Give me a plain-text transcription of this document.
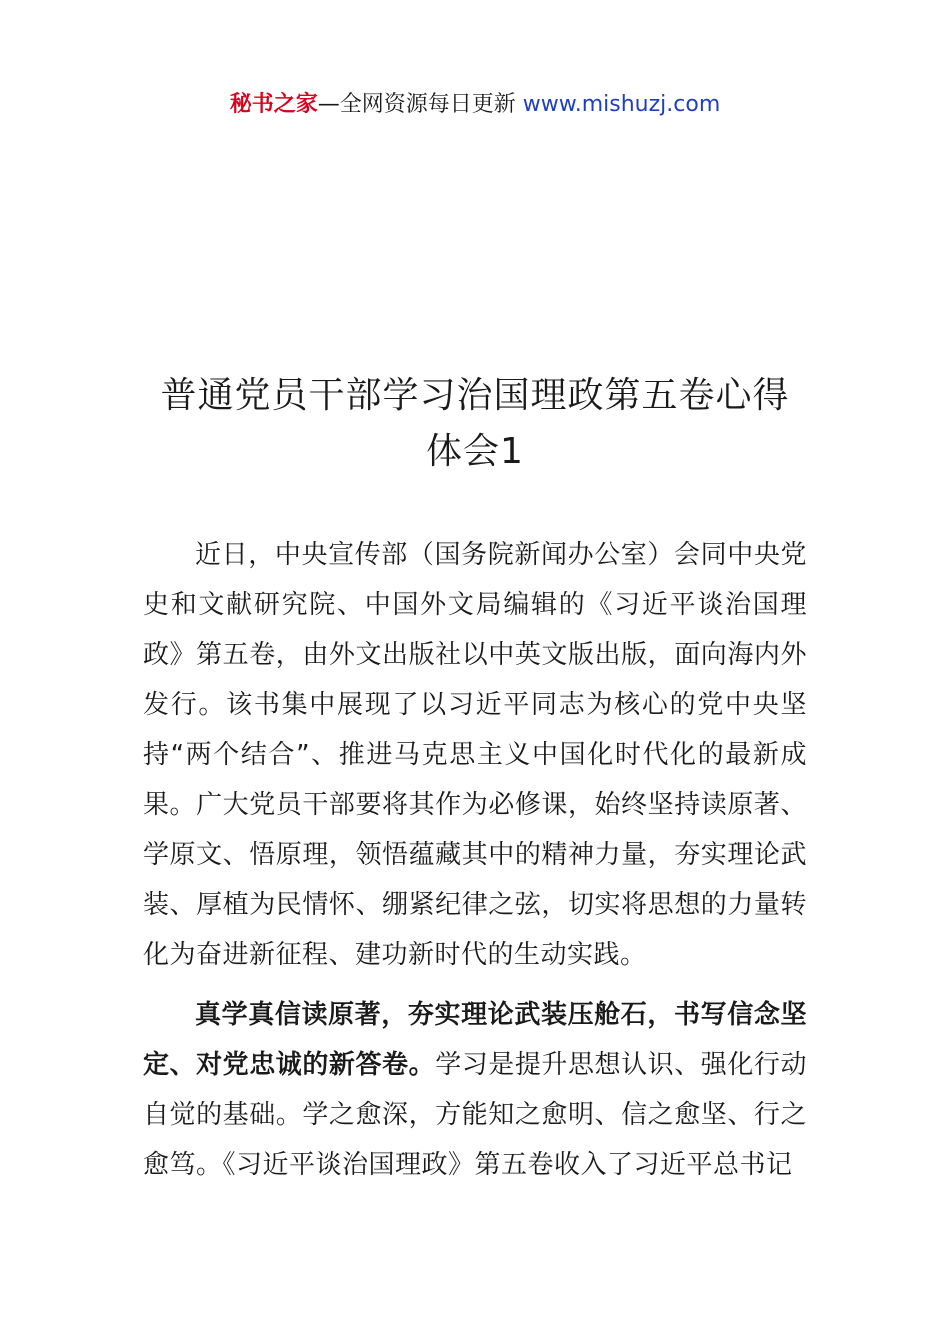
秘书之家—全网资源每日更新 www.mishuzj.com
普通党员干部学习治国理政第五卷心得体会1

近日，中央宣传部（国务院新闻办公室）会同中央党史和文献研究院、中国外文局编辑的《习近平谈治国理政》第五卷，由外文出版社以中英文版出版，面向海内外发行。该书集中展现了以习近平同志为核心的党中央坚持“两个结合”、推进马克思主义中国化时代化的最新成果。广大党员干部要将其作为必修课，始终坚持读原著、学原文、悟原理，领悟蕴藏其中的精神力量，夯实理论武装、厚植为民情怀、绷紧纪律之弦，切实将思想的力量转化为奋进新征程、建功新时代的生动实践。

真学真信读原著，夯实理论武装压舱石，书写信念坚定、对党忠诚的新答卷。学习是提升思想认识、强化行动自觉的基础。学之愈深，方能知之愈明、信之愈坚、行之愈笃。《习近平谈治国理政》第五卷收入了习近平总书记
